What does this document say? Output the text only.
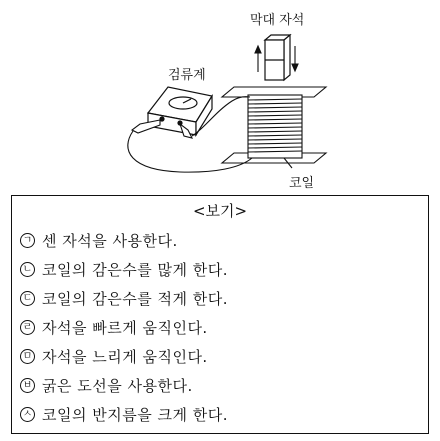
막대 자석
검류계
코일
<보기>
ㄱ 센 자석을 사용한다.
ㄴ 코일의 감은수를 많게 한다.
ㄷ 코일의 감은수를 적게 한다.
ㄹ 자석을 빠르게 움직인다.
ㅁ 자석을 느리게 움직인다.
ㅂ 굵은 도선을 사용한다.
ㅅ 코일의 반지름을 크게 한다.
